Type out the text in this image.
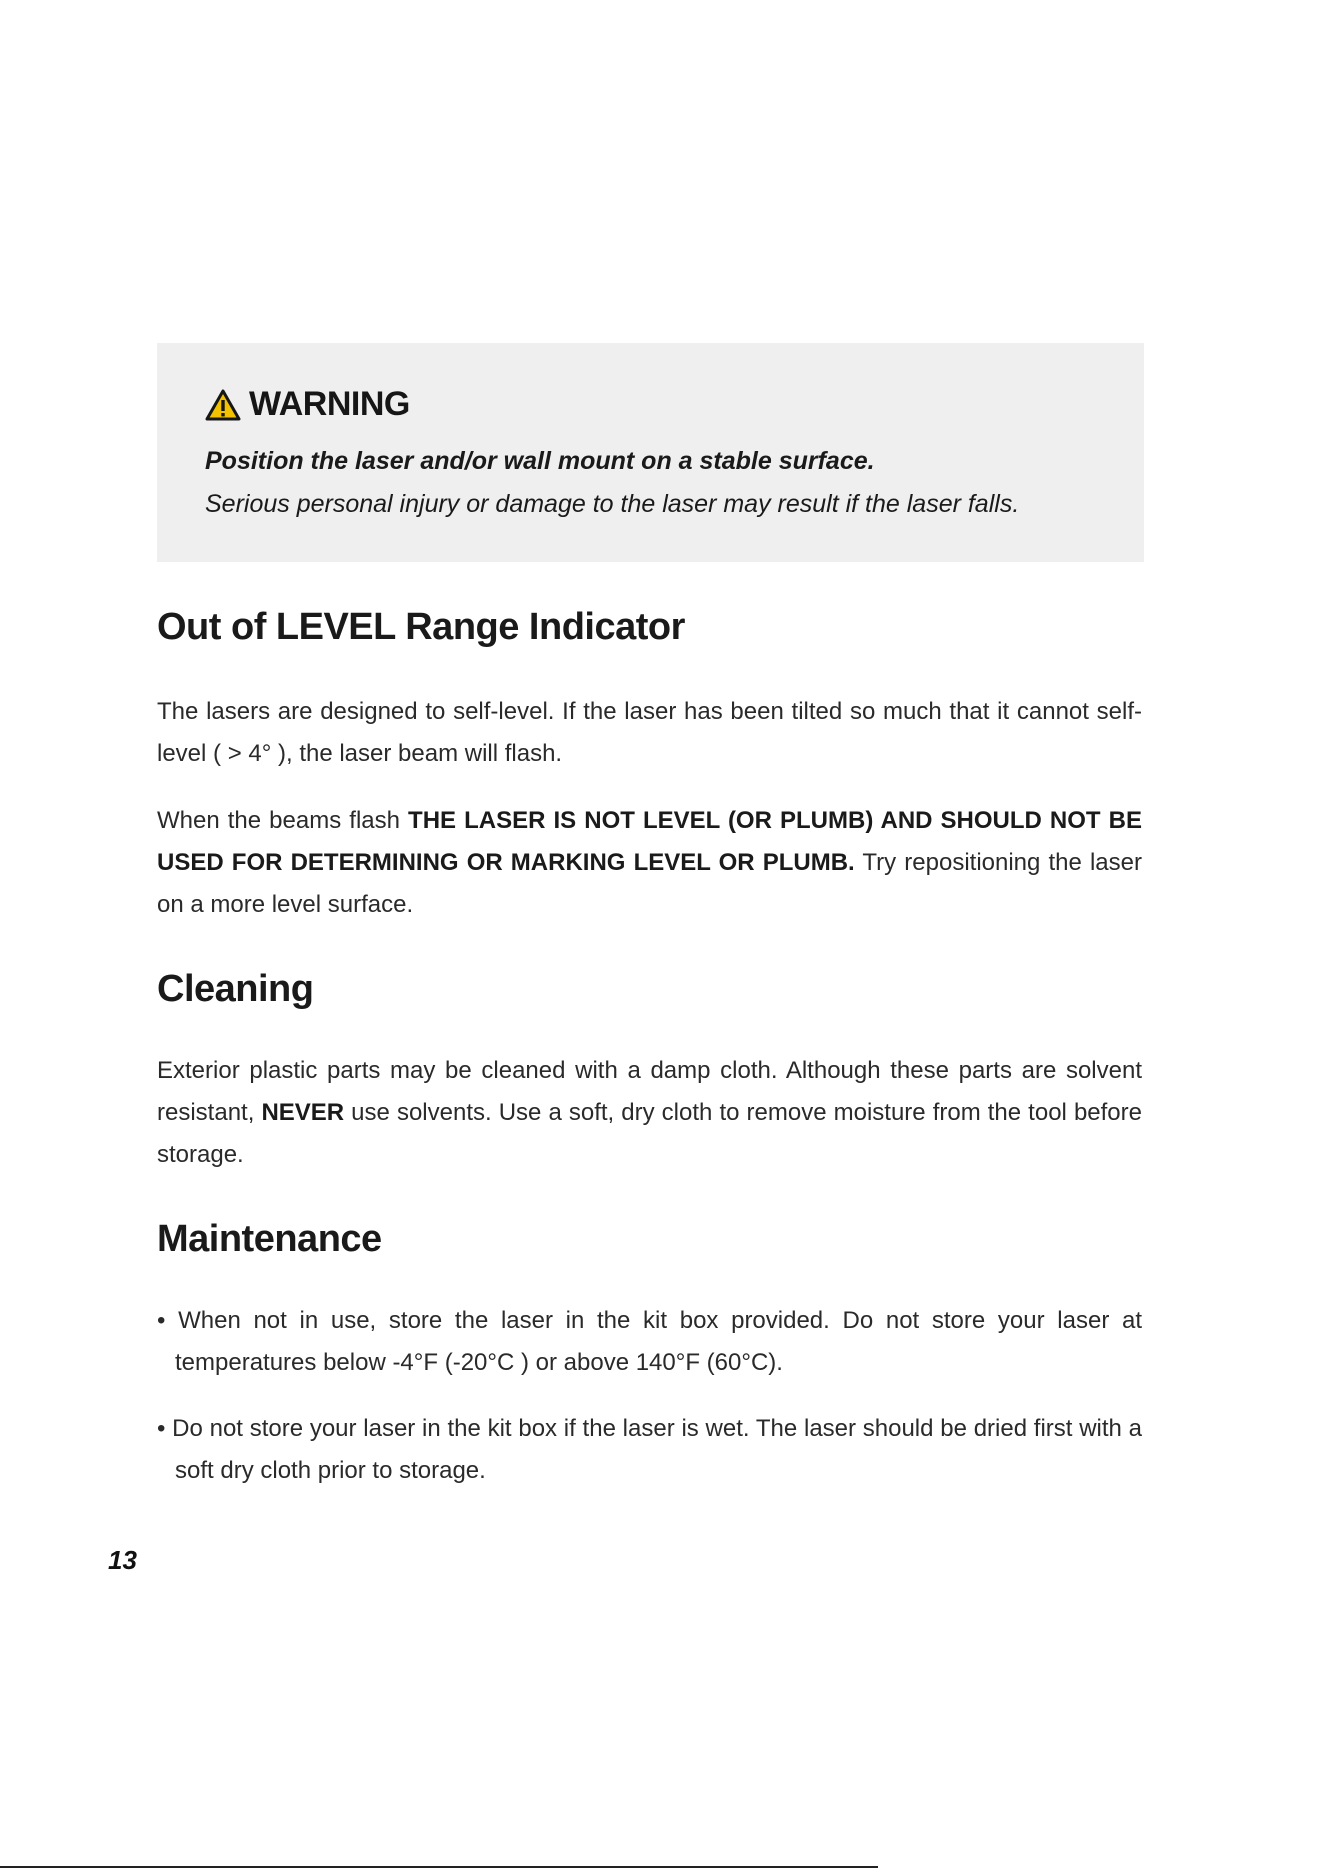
WARNING
Position the laser and/or wall mount on a stable surface.
Serious personal injury or damage to the laser may result if the laser falls.
Out of LEVEL Range Indicator

The lasers are designed to self-level. If the laser has been tilted so much that it cannot self-level ( > 4° ), the laser beam will flash.

When the beams flash THE LASER IS NOT LEVEL (OR PLUMB) AND SHOULD NOT BE USED FOR DETERMINING OR MARKING LEVEL OR PLUMB. Try repositioning the laser on a more level surface.

Cleaning

Exterior plastic parts may be cleaned with a damp cloth. Although these parts are solvent resistant, NEVER use solvents. Use a soft, dry cloth to remove moisture from the tool before storage.

Maintenance

• When not in use, store the laser in the kit box provided. Do not store your laser at temperatures below -4°F (-20°C ) or above 140°F (60°C).

• Do not store your laser in the kit box if the laser is wet. The laser should be dried first with a soft dry cloth prior to storage.

13
